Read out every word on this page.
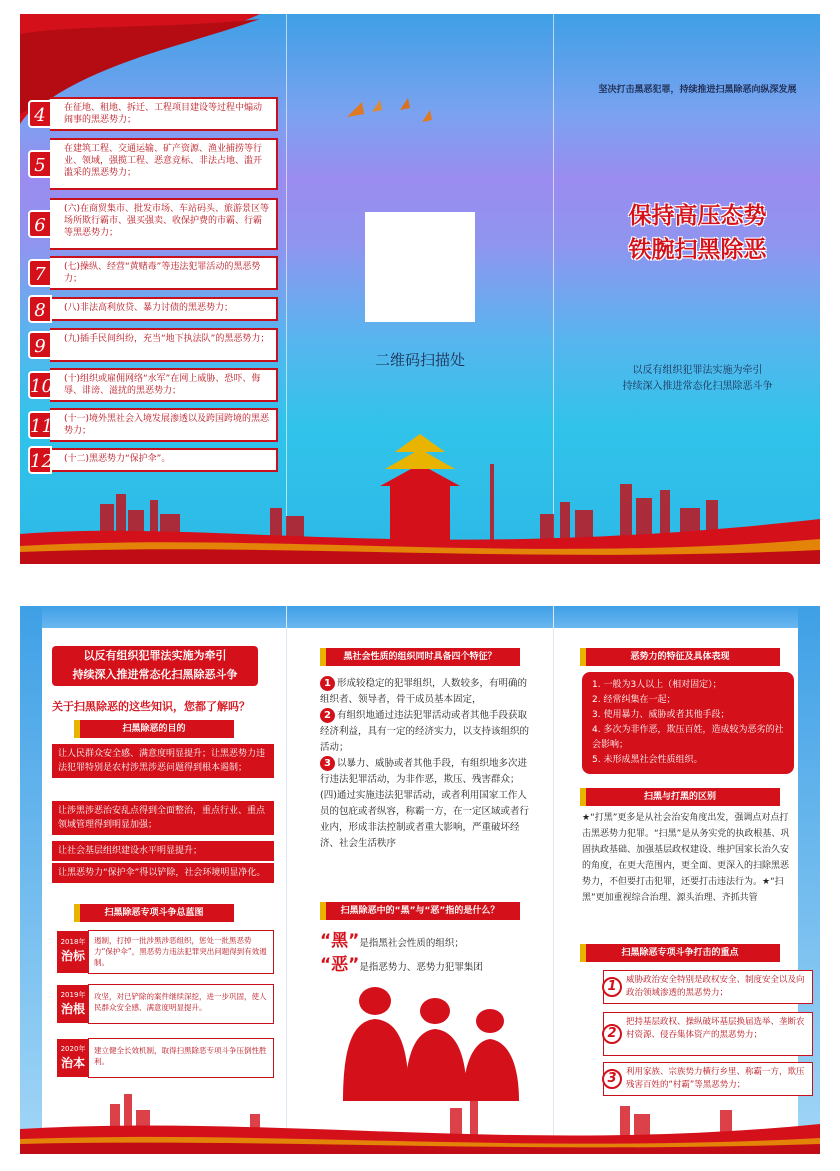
4	在征地、租地、拆迁、工程项目建设等过程中煽动闹事的黑恶势力；
5
在建筑工程、交通运输、矿产资源、渔业捕捞等行业、领域，强揽工程、恶意竞标、非法占地、滥开滥采的黑恶势力；
6
(六)在商贸集市、批发市场、车站码头、旅游景区等场所欺行霸市、强买强卖、收保护费的市霸、行霸等黑恶势力；
7	(七)操纵、经营“黄赌毒”等违法犯罪活动的黑恶势力；
8	(八)非法高利放贷、暴力讨债的黑恶势力；
9	(九)插手民间纠纷，充当“地下执法队”的黑恶势力；
10 (十)组织或雇佣网络“水军”在网上威胁、恐吓、侮辱、诽谤、滋扰的黑恶势力；
11 (十一)境外黑社会入境发展渗透以及跨国跨境的黑恶势力；
12 (十二)黑恶势力“保护伞”。
二维码扫描处
坚决打击黑恶犯罪，持续推进扫黑除恶向纵深发展
保持高压态势
铁腕扫黑除恶
以反有组织犯罪法实施为牵引
持续深入推进常态化扫黑除恶斗争
以反有组织犯罪法实施为牵引
持续深入推进常态化扫黑除恶斗争
关于扫黑除恶的这些知识，您都了解吗？
扫黑除恶的目的
让人民群众安全感、满意度明显提升；让黑恶势力违法犯罪特别是农村涉黑涉恶问题得到根本遏制；
让涉黑涉恶治安乱点得到全面整治，重点行业、重点领域管理得到明显加强；
让社会基层组织建设水平明显提升；
让黑恶势力“保护伞”得以铲除，社会环境明显净化。
扫黑除恶专项斗争总蓝图
2018年
治标
遏制，打掉一批涉黑涉恶组织，惩处一批黑恶势力“保护伞”，黑恶势力违法犯罪突出问题得到有效遏制。
2019年
治根
攻坚，对已铲除的案件继续深挖，进一步巩固，使人民群众安全感、满意度明显提升。
2020年
治本
建立健全长效机制，取得扫黑除恶专项斗争压倒性胜利。
黑社会性质的组织同时具备四个特征？
1 形成较稳定的犯罪组织，人数较多，有明确的组织者、领导者，骨干成员基本固定，
2 有组织地通过违法犯罪活动或者其他手段获取经济利益，具有一定的经济实力，以支持该组织的活动；
3 以暴力、威胁或者其他手段，有组织地多次进行违法犯罪活动，为非作恶，欺压、残害群众；(四)通过实施违法犯罪活动，或者利用国家工作人员的包庇或者纵容，称霸一方，在一定区域或者行业内，形成非法控制或者重大影响，严重破坏经济、社会生活秩序
扫黑除恶中的“黑”与“恶”指的是什么？
“黑”是指黑社会性质的组织；
“恶”是指恶势力、恶势力犯罪集团
恶势力的特征及具体表现
1. 一般为3人以上（相对固定）；
2. 经常纠集在一起；
3. 使用暴力、威胁或者其他手段；
4. 多次为非作恶，欺压百姓，造成较为恶劣的社会影响；
5. 未形成黑社会性质组织。
扫黑与打黑的区别
★“打黑”更多是从社会治安角度出发，强调点对点打击黑恶势力犯罪。“扫黑”是从务实党的执政根基、巩固执政基础、加强基层政权建设、维护国家长治久安的角度，在更大范围内，更全面、更深入的扫除黑恶势力，不但要打击犯罪，还要打击违法行为。★“扫黑”更加重视综合治理、源头治理、齐抓共管
扫黑除恶专项斗争打击的重点
1	威胁政治安全特别是政权安全、制度安全以及向政治领域渗透的黑恶势力；
2
把持基层政权、操纵破坏基层换届选举、垄断农村资源、侵吞集体资产的黑恶势力；
3	利用家族、宗族势力横行乡里、称霸一方，欺压残害百姓的“村霸”等黑恶势力；
